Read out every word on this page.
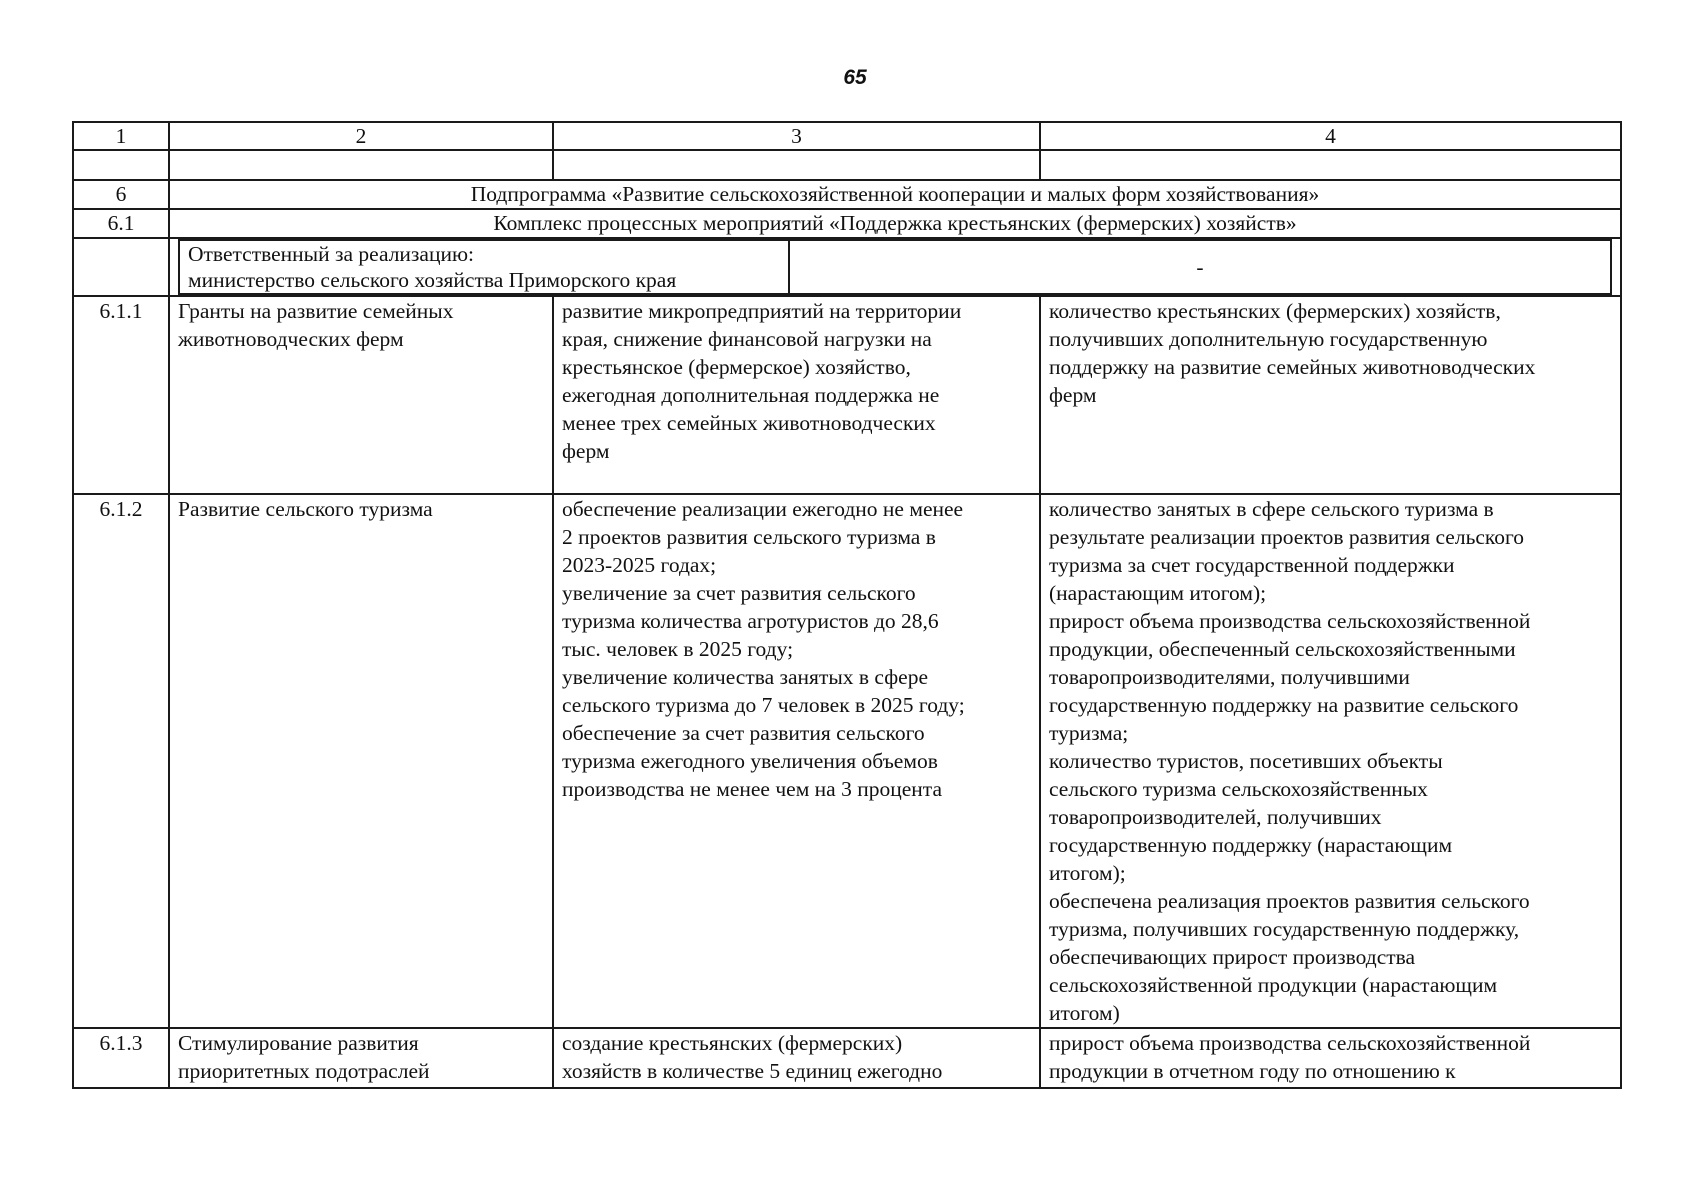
65
1	2	3	4

6	Подпрограмма «Развитие сельскохозяйственной кооперации и малых форм хозяйствования»
6.1	Комплекс процессных мероприятий «Поддержка крестьянских (фермерских) хозяйств»

Ответственный за реализацию:
министерство сельского хозяйства Приморского края
	-

6.1.1	Гранты на развитие семейных
животноводческих ферм	развитие микропредприятий на территории
края, снижение финансовой нагрузки на
крестьянское (фермерское) хозяйство,
ежегодная дополнительная поддержка не
менее трех семейных животноводческих
ферм	количество крестьянских (фермерских) хозяйств,
получивших дополнительную государственную
поддержку на развитие семейных животноводческих
ферм
6.1.2	Развитие сельского туризма	обеспечение реализации ежегодно не менее
2 проектов развития сельского туризма в
2023-2025 годах;
увеличение за счет развития сельского
туризма количества агротуристов до 28,6
тыс. человек в 2025 году;
увеличение количества занятых в сфере
сельского туризма до 7 человек в 2025 году;
обеспечение за счет развития сельского
туризма ежегодного увеличения объемов
производства не менее чем на 3 процента	количество занятых в сфере сельского туризма в
результате реализации проектов развития сельского
туризма за счет государственной поддержки
(нарастающим итогом);
прирост объема производства сельскохозяйственной
продукции, обеспеченный сельскохозяйственными
товаропроизводителями, получившими
государственную поддержку на развитие сельского
туризма;
количество туристов, посетивших объекты
сельского туризма сельскохозяйственных
товаропроизводителей, получивших
государственную поддержку (нарастающим
итогом);
обеспечена реализация проектов развития сельского
туризма, получивших государственную поддержку,
обеспечивающих прирост производства
сельскохозяйственной продукции (нарастающим
итогом)
6.1.3	Стимулирование развития
приоритетных подотраслей	создание крестьянских (фермерских)
хозяйств в количестве 5 единиц ежегодно	прирост объема производства сельскохозяйственной
продукции в отчетном году по отношению к
